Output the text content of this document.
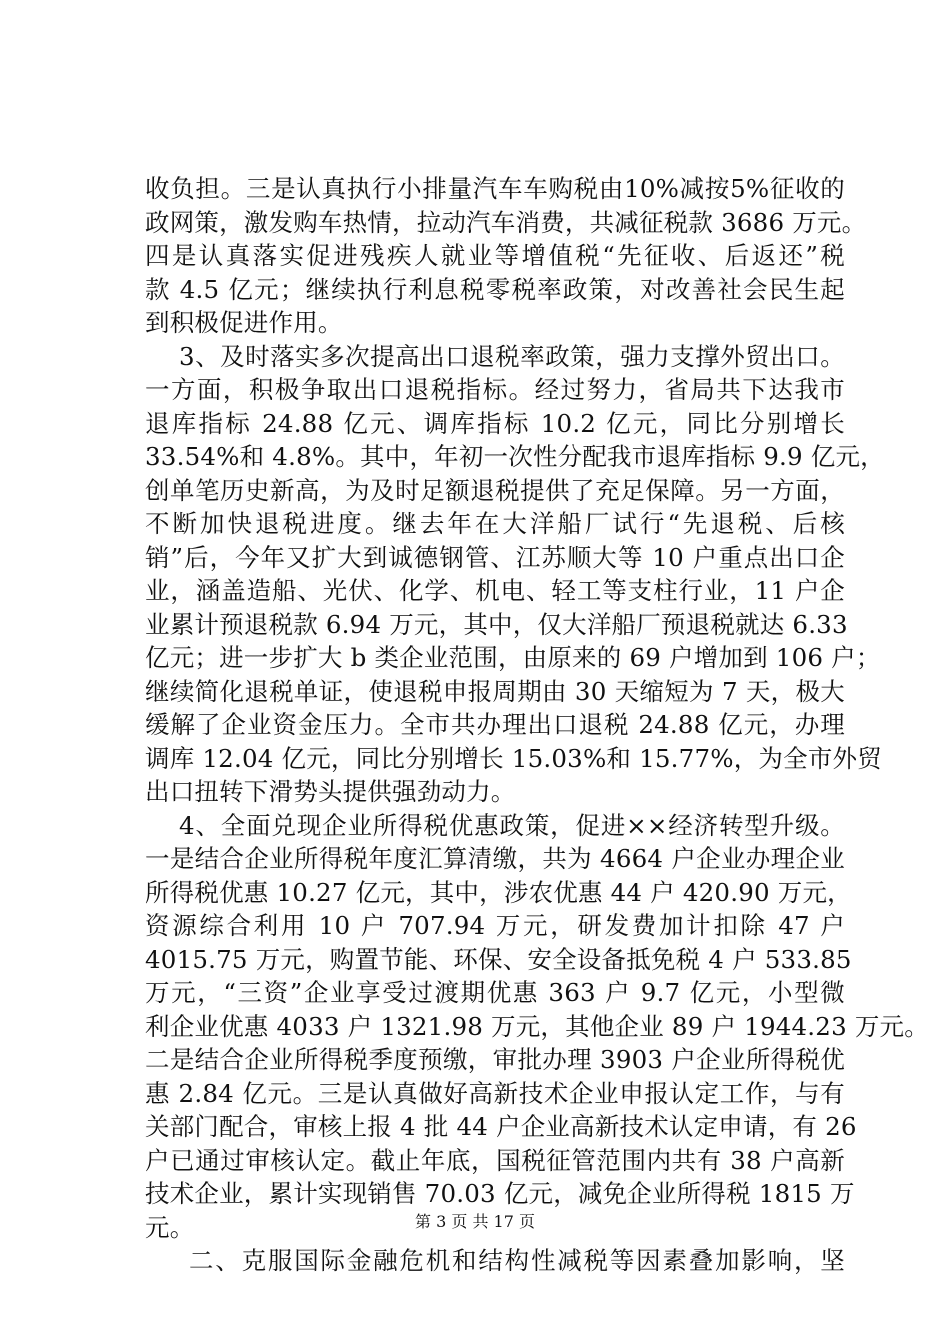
收负担。三是认真执行小排量汽车车购税由10%减按5%征收的
政网策，激发购车热情，拉动汽车消费，共减征税款 3686 万元。
四是认真落实促进残疾人就业等增值税“先征收、后返还”税
款 4.5 亿元；继续执行利息税零税率政策，对改善社会民生起
到积极促进作用。
3、及时落实多次提高出口退税率政策，强力支撑外贸出口。
一方面，积极争取出口退税指标。经过努力，省局共下达我市
退库指标 24.88 亿元、调库指标 10.2 亿元，同比分别增长
33.54%和 4.8%。其中，年初一次性分配我市退库指标 9.9 亿元，
创单笔历史新高，为及时足额退税提供了充足保障。另一方面，
不断加快退税进度。继去年在大洋船厂试行“先退税、后核
销”后，今年又扩大到诚德钢管、江苏顺大等 10 户重点出口企
业，涵盖造船、光伏、化学、机电、轻工等支柱行业，11 户企
业累计预退税款 6.94 万元，其中，仅大洋船厂预退税就达 6.33
亿元；进一步扩大 b 类企业范围，由原来的 69 户增加到 106 户；
继续简化退税单证，使退税申报周期由 30 天缩短为 7 天，极大
缓解了企业资金压力。全市共办理出口退税 24.88 亿元，办理
调库 12.04 亿元，同比分别增长 15.03%和 15.77%，为全市外贸
出口扭转下滑势头提供强劲动力。
4、全面兑现企业所得税优惠政策，促进××经济转型升级。
一是结合企业所得税年度汇算清缴，共为 4664 户企业办理企业
所得税优惠 10.27 亿元，其中，涉农优惠 44 户 420.90 万元，
资源综合利用 10 户 707.94 万元，研发费加计扣除 47 户
4015.75 万元，购置节能、环保、安全设备抵免税 4 户 533.85
万元，“三资”企业享受过渡期优惠 363 户 9.7 亿元，小型微
利企业优惠 4033 户 1321.98 万元，其他企业 89 户 1944.23 万元。
二是结合企业所得税季度预缴，审批办理 3903 户企业所得税优
惠 2.84 亿元。三是认真做好高新技术企业申报认定工作，与有
关部门配合，审核上报 4 批 44 户企业高新技术认定申请，有 26
户已通过审核认定。截止年底，国税征管范围内共有 38 户高新
技术企业，累计实现销售 70.03 亿元，减免企业所得税 1815 万
元。
二、克服国际金融危机和结构性减税等因素叠加影响，坚
第 3 页 共 17 页
